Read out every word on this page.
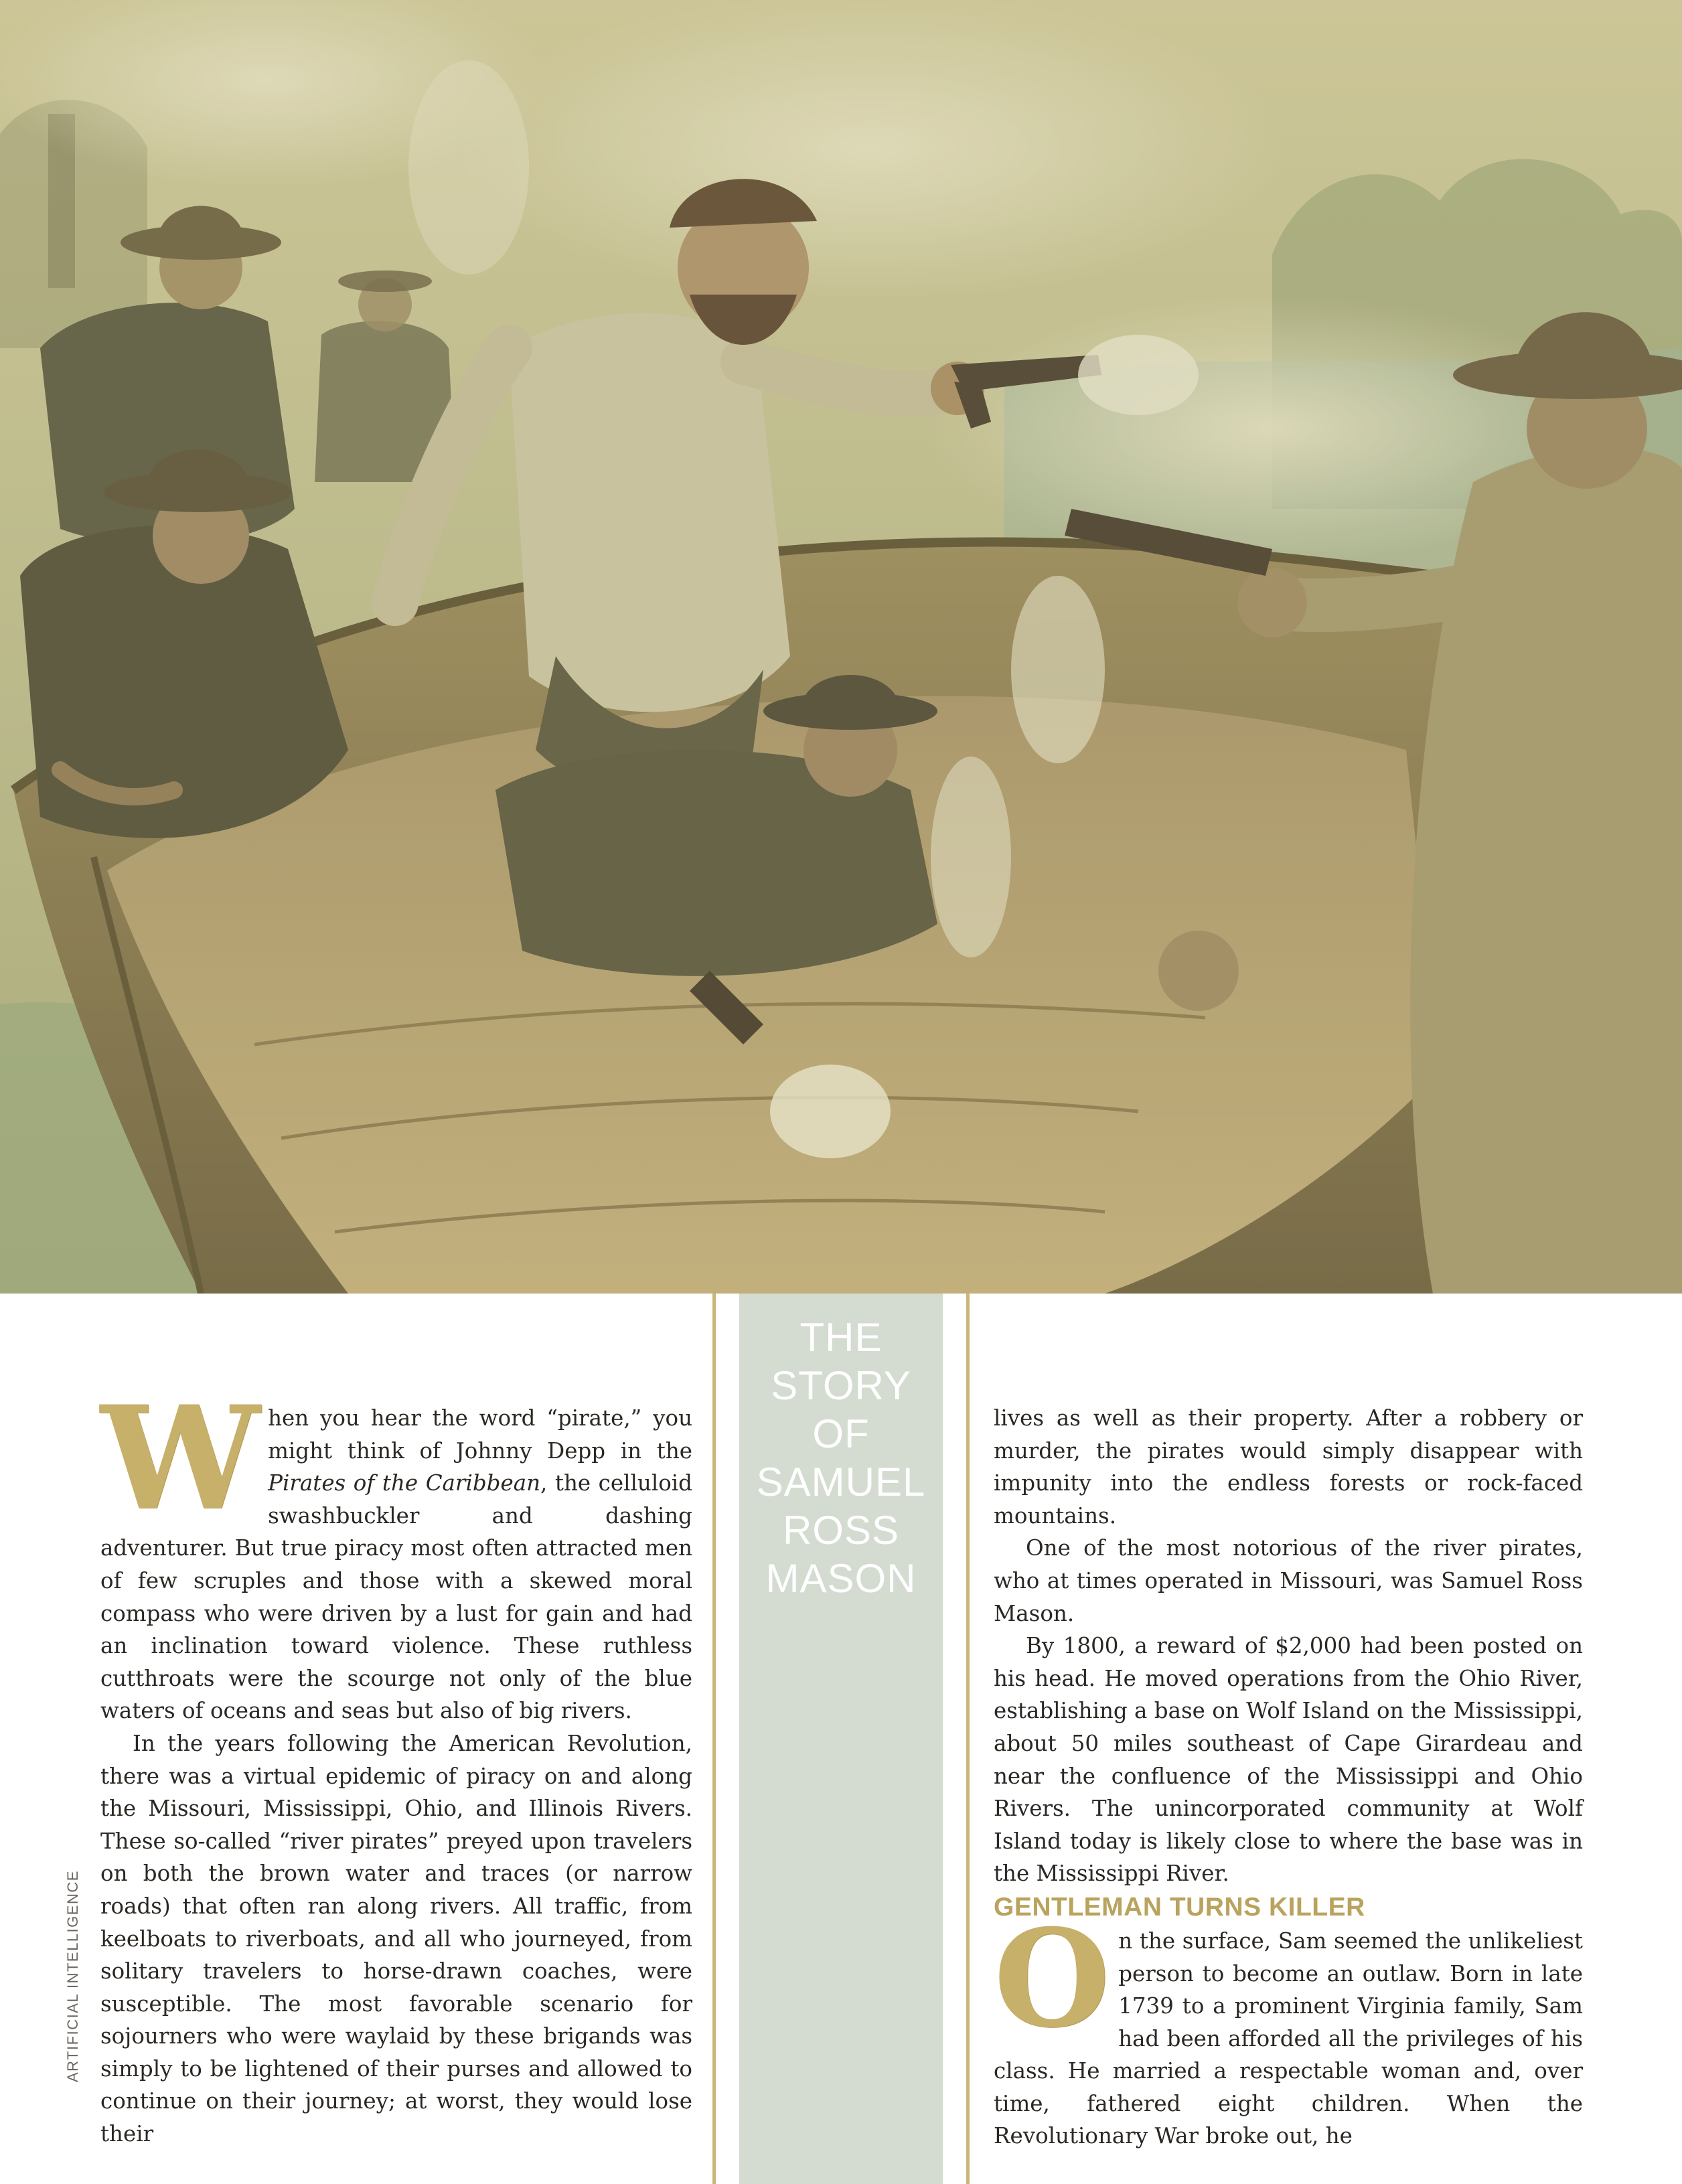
THE
STORY
OF
SAMUEL
ROSS
MASON
ARTIFICIAL INTELLIGENCE

When you hear the word “pirate,” you might think of Johnny Depp in the Pirates of the Caribbean, the celluloid swashbuckler and dashing adventurer. But true piracy most often attracted men of few scruples and those with a skewed moral compass who were driven by a lust for gain and had an inclination toward violence. These ruthless cutthroats were the scourge not only of the blue waters of oceans and seas but also of big rivers.

In the years following the American Revolution, there was a virtual epidemic of piracy on and along the Missouri, Mississippi, Ohio, and Illinois Rivers. These so-called “river pirates” preyed upon travelers on both the brown water and traces (or narrow roads) that often ran along rivers. All traffic, from keelboats to riverboats, and all who journeyed, from solitary travelers to horse-drawn coaches, were susceptible. The most favorable scenario for sojourners who were waylaid by these brigands was simply to be lightened of their purses and allowed to continue on their journey; at worst, they would lose their

lives as well as their property. After a robbery or murder, the pirates would simply disappear with impunity into the endless forests or rock-faced mountains.

One of the most notorious of the river pirates, who at times operated in Missouri, was Samuel Ross Mason.

By 1800, a reward of $2,000 had been posted on his head. He moved operations from the Ohio River, establishing a base on Wolf Island on the Mississippi, about 50 miles southeast of Cape Girardeau and near the confluence of the Mississippi and Ohio Rivers. The unincorporated community at Wolf Island today is likely close to where the base was in the Mississippi River.

GENTLEMAN TURNS KILLER

On the surface, Sam seemed the unlikeliest person to become an outlaw. Born in late 1739 to a prominent Virginia family, Sam had been afforded all the privileges of his class. He married a respectable woman and, over time, fathered eight children. When the Revolutionary War broke out, he
